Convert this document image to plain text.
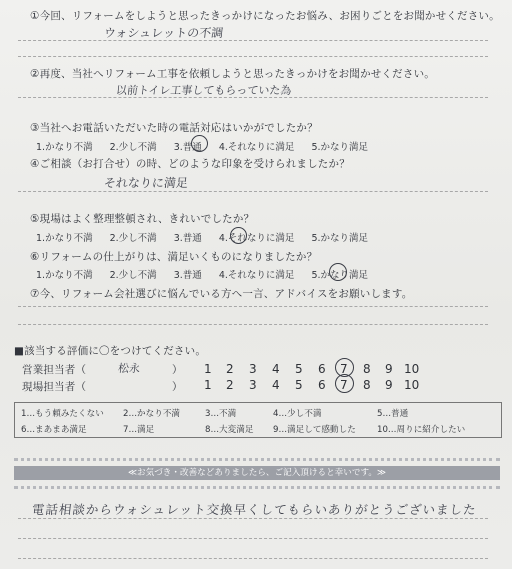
①今回、リフォームをしようと思ったきっかけになったお悩み、お困りごとをお聞かせください。
ウォシュレットの不調
②再度、当社へリフォーム工事を依頼しようと思ったきっかけをお聞かせください。
以前トイレ工事してもらっていた為
③当社へお電話いただいた時の電話対応はいかがでしたか？
1.かなり不満 2.少し不満 3.普通 4.それなりに満足 5.かなり満足
④ご相談（お打合せ）の時、どのような印象を受けられましたか？
それなりに満足
⑤現場はよく整理整頓され、きれいでしたか？
1.かなり不満 2.少し不満 3.普通 4.それなりに満足 5.かなり満足
⑥リフォームの仕上がりは、満足いくものになりましたか？
1.かなり不満 2.少し不満 3.普通 4.それなりに満足 5.かなり満足
⑦今、リフォーム会社選びに悩んでいる方へ一言、アドバイスをお願いします。
■該当する評価に〇をつけてください。
営業担当者（	松永	） 1 2 3 4 5 6 7 8 9 10
現場担当者（	） 1 2 3 4 5 6 7 8 9 10
1…もう頼みたくない 2…かなり不満	3…不満	4…少し不満	5…普通
6…まあまあ満足	7…満足	8…大変満足 9…満足して感動した 10…周りに紹介したい
≪お気づき・改善などありましたら、ご記入頂けると幸いです。≫
電話相談からウォシュレット交換早くしてもらいありがとうございました
